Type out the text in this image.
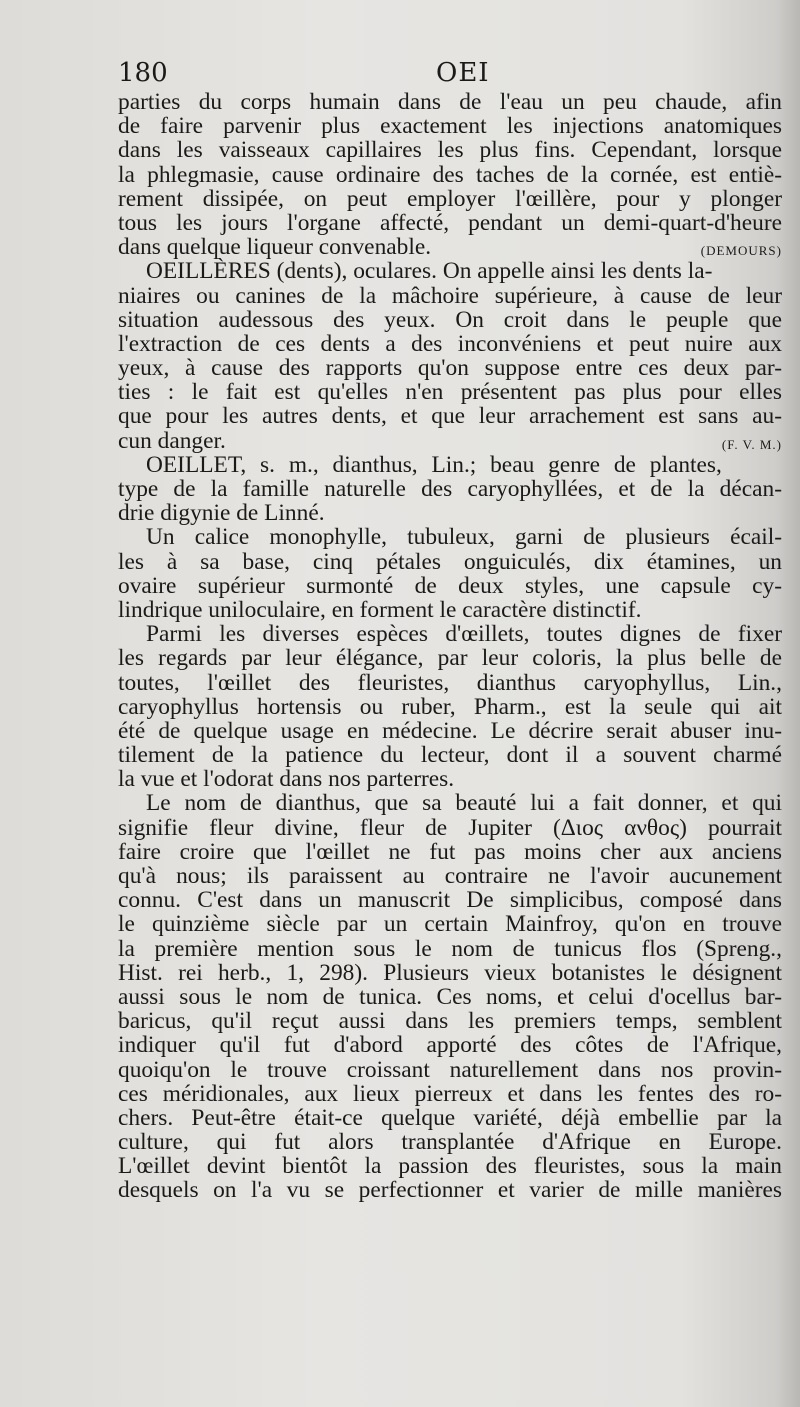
180	OEI
parties du corps humain dans de l'eau un peu chaude, afin
de faire parvenir plus exactement les injections anatomiques
dans les vaisseaux capillaires les plus fins. Cependant, lorsque
la phlegmasie, cause ordinaire des taches de la cornée, est entiè-
rement dissipée, on peut employer l'œillère, pour y plonger
tous les jours l'organe affecté, pendant un demi-quart-d'heure
dans quelque liqueur convenable.	(DEMOURS)
OEILLÈRES (dents), oculares. On appelle ainsi les dents la-
niaires ou canines de la mâchoire supérieure, à cause de leur
situation audessous des yeux. On croit dans le peuple que
l'extraction de ces dents a des inconvéniens et peut nuire aux
yeux, à cause des rapports qu'on suppose entre ces deux par-
ties : le fait est qu'elles n'en présentent pas plus pour elles
que pour les autres dents, et que leur arrachement est sans au-
cun danger.	(F. V. M.)
OEILLET, s. m., dianthus, Lin.; beau genre de plantes,
type de la famille naturelle des caryophyllées, et de la décan-
drie digynie de Linné.
Un calice monophylle, tubuleux, garni de plusieurs écail-
les à sa base, cinq pétales onguiculés, dix étamines, un
ovaire supérieur surmonté de deux styles, une capsule cy-
lindrique uniloculaire, en forment le caractère distinctif.
Parmi les diverses espèces d'œillets, toutes dignes de fixer
les regards par leur élégance, par leur coloris, la plus belle de
toutes, l'œillet des fleuristes, dianthus caryophyllus, Lin.,
caryophyllus hortensis ou ruber, Pharm., est la seule qui ait
été de quelque usage en médecine. Le décrire serait abuser inu-
tilement de la patience du lecteur, dont il a souvent charmé
la vue et l'odorat dans nos parterres.
Le nom de dianthus, que sa beauté lui a fait donner, et qui
signifie fleur divine, fleur de Jupiter (Διος ανθος) pourrait
faire croire que l'œillet ne fut pas moins cher aux anciens
qu'à nous; ils paraissent au contraire ne l'avoir aucunement
connu. C'est dans un manuscrit De simplicibus, composé dans
le quinzième siècle par un certain Mainfroy, qu'on en trouve
la première mention sous le nom de tunicus flos (Spreng.,
Hist. rei herb., 1, 298). Plusieurs vieux botanistes le désignent
aussi sous le nom de tunica. Ces noms, et celui d'ocellus bar-
baricus, qu'il reçut aussi dans les premiers temps, semblent
indiquer qu'il fut d'abord apporté des côtes de l'Afrique,
quoiqu'on le trouve croissant naturellement dans nos provin-
ces méridionales, aux lieux pierreux et dans les fentes des ro-
chers. Peut-être était-ce quelque variété, déjà embellie par la
culture, qui fut alors transplantée d'Afrique en Europe.
L'œillet devint bientôt la passion des fleuristes, sous la main
desquels on l'a vu se perfectionner et varier de mille manières
